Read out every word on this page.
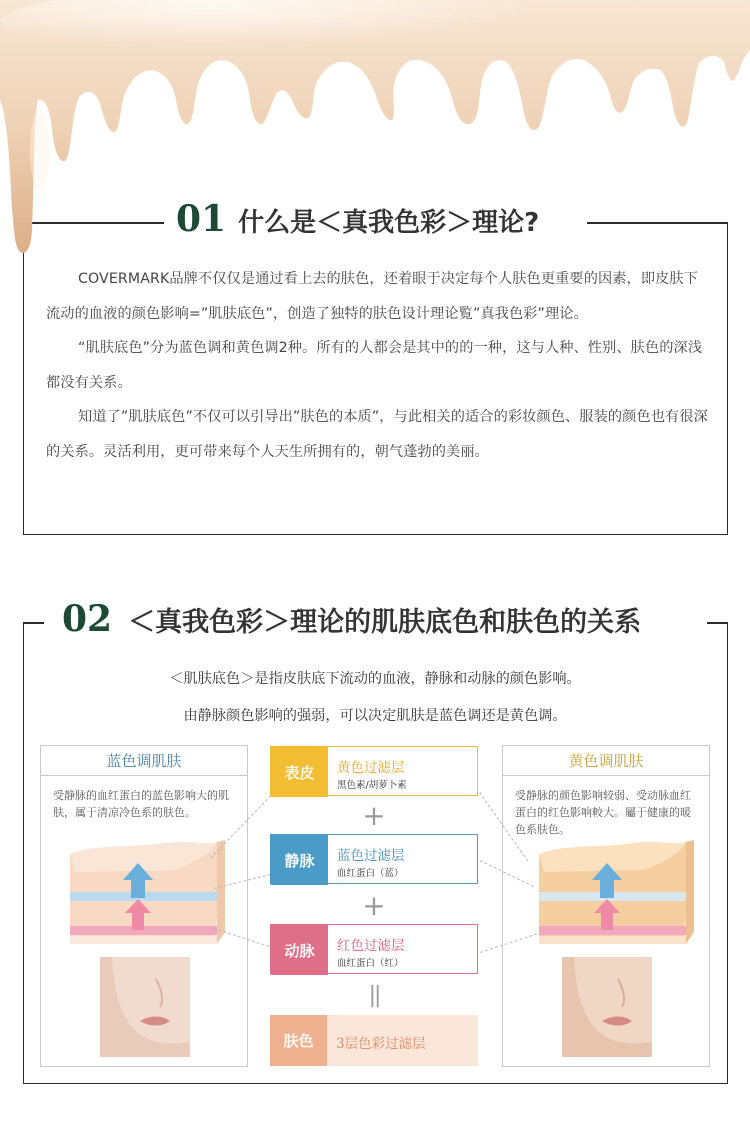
01 什么是＜真我色彩＞理论?

COVERMARK品牌不仅仅是通过看上去的肤色，还着眼于决定每个人肤色更重要的因素，即皮肤下流动的血液的颜色影响=”肌肤底色”，创造了独特的肤色设计理论覧”真我色彩”理论。

“肌肤底色”分为蓝色调和黄色调2种。所有的人都会是其中的的一种，这与人种、性别、肤色的深浅都没有关系。

知道了”肌肤底色”不仅可以引导出”肤色的本质”，与此相关的适合的彩妆颜色、服装的颜色也有很深的关系。灵活利用，更可带来每个人天生所拥有的，朝气蓬勃的美丽。

02 ＜真我色彩＞理论的肌肤底色和肤色的关系
＜肌肤底色＞是指皮肤底下流动的血液，静脉和动脉的颜色影响。
由静脉颜色影响的强弱，可以决定肌肤是蓝色调还是黄色调。
蓝色调肌肤
受静脉的血红蛋白的蓝色影响大的肌肤，属于清凉冷色系的肤色。
黄色调肌肤
受静脉的颜色影响较弱、受动脉血红蛋白的红色影响較大。屬于健康的暖色系肤色。
表皮	黄色过滤层
黑色素/胡萝卜素
+
静脉	蓝色过滤层
血红蛋白（蓝）
+
动脉	红色过滤层
血红蛋白（红）
||
肤色	3层色彩过滤层
